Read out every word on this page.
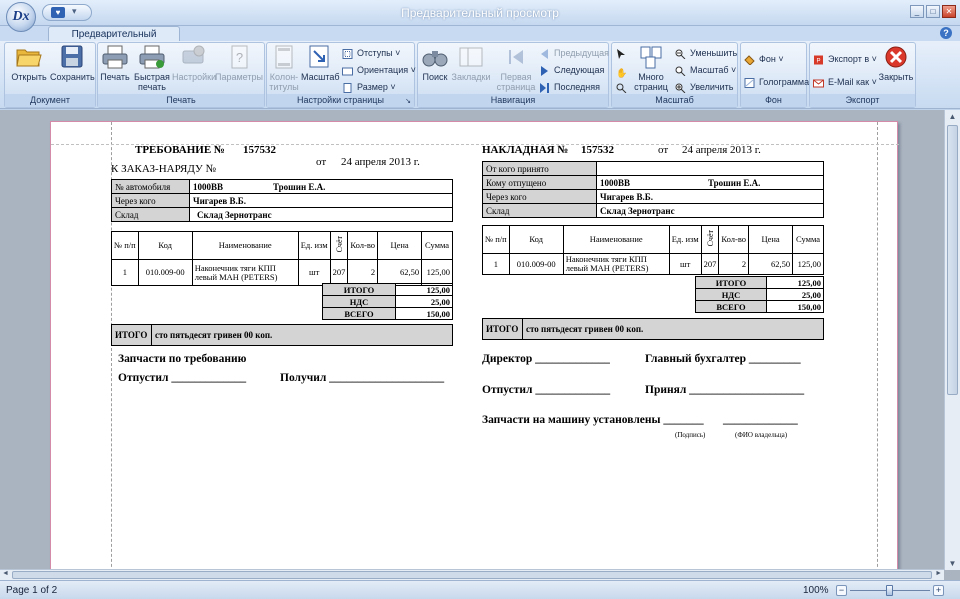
Dx	♥	▾	Предварительный просмотр	_	□	✕
Предварительный	?
Открыть Сохранить
Документ
Печать Быстрая
печать
Настройки
?
Параметры
Печать
Колон-
титулы
Масштаб
Отступы ˅
Ориентация ˅
Размер ˅
Настройки страницы	↘
Поиск Закладки	Первая
страница
Предыдущая
Следующая
Последняя
Навигация
✋	Много
страниц
Уменьшить
Масштаб ˅
Увеличить
Масштаб
Фон ˅
Голограмма
Фон
P Экспорт в ˅
E-Mail как ˅ Закрыть
Экспорт
ТРЕБОВАНИЕ № 157532
от 24 апреля 2013 г.
К ЗАКАЗ-НАРЯДУ №
№ автомобиля	1000ВВ Трошин Е.А.
Через кого	Чигарев В.Б.
Склад	Склад Зернотранс
№ п/п	Код	Наименование	Ед. изм	Счёт	Кол-во	Цена	Сумма
1	010.009-00	Наконечник тяги КПП левый МАН (PETERS)	шт	207	2	62,50	125,00
ИТОГО	125,00
НДС	25,00
ВСЕГО	150,00
ИТОГО	сто пятьдесят гривен 00 коп.
Запчасти по требованию
Отпустил _____________	Получил ____________________
НАКЛАДНАЯ № 157532	от 24 апреля 2013 г.
От кого принято	
Кому отпущено	1000ВВ Трошин Е.А.
Через кого	Чигарев В.Б.
Склад	Склад Зернотранс
№ п/п	Код	Наименование	Ед. изм	Счёт	Кол-во	Цена	Сумма
1	010.009-00	Наконечник тяги КПП левый МАН (PETERS)	шт	207	2	62,50	125,00
ИТОГО	125,00
НДС	25,00
ВСЕГО	150,00
ИТОГО	сто пятьдесят гривен 00 коп.
Директор _____________	Главный бухгалтер _________
Отпустил _____________	Принял ____________________
Запчасти на машину установлены _______ _____________
(Подпись)	(ФИО владельца)
▲
▼
◄	►
Page 1 of 2	100%	−	+
